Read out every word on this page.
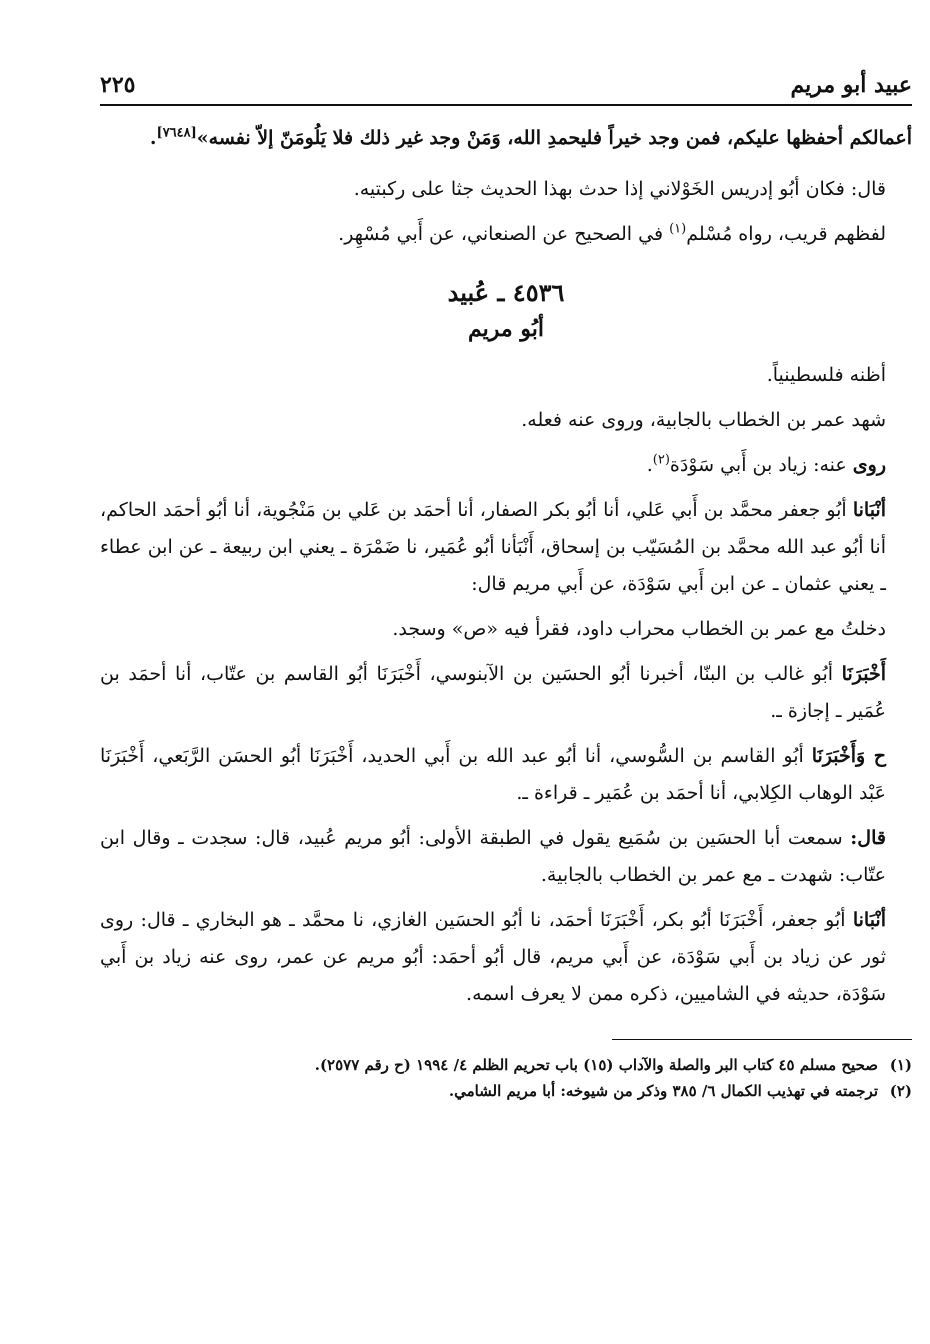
عبيد أبو مريم
٢٢٥

أعمالكم أحفظها عليكم، فمن وجد خيراً فليحمدِ الله، وَمَنْ وجد غير ذلك فلا يَلُومَنّ إلاّ نفسه»[٧٦٤٨].

قال: فكان أبُو إدريس الخَوْلاني إذا حدث بهذا الحديث جثا على ركبتيه.

لفظهم قريب، رواه مُسْلم$^{(١)}$ في الصحيح عن الصنعاني، عن أَبي مُسْهِر.

٤٥٣٦ ـ عُبيد
أبُو مريم

أظنه فلسطينياً.

شهد عمر بن الخطاب بالجابية، وروى عنه فعله.

روى عنه: زياد بن أَبي سَوْدَة$^{(٢)}$.

أنْبَانا أبُو جعفر محمَّد بن أَبي عَلي، أنا أبُو بكر الصفار، أنا أحمَد بن عَلي بن مَنْجُوية، أنا أبُو أحمَد الحاكم، أنا أبُو عبد الله محمَّد بن المُسَيّب بن إسحاق، أَنْبَأنا أبُو عُمَير، نا ضَمْرَة ـ يعني ابن ربيعة ـ عن ابن عطاء ـ يعني عثمان ـ عن ابن أَبي سَوْدَة، عن أَبي مريم قال:

دخلتُ مع عمر بن الخطاب محراب داود، فقرأ فيه «ص» وسجد.

أَخْبَرَنَا أبُو غالب بن البنّا، أخبرنا أبُو الحسَين بن الآبنوسي، أَخْبَرَنَا أبُو القاسم بن عتّاب، أنا أحمَد بن عُمَير ـ إجازة ـ.

ح وَأَخْبَرَنَا أبُو القاسم بن السُّوسي، أنا أبُو عبد الله بن أَبي الحديد، أَخْبَرَنَا أبُو الحسَن الرَّبَعي، أَخْبَرَنَا عَبْد الوهاب الكِلابي، أنا أحمَد بن عُمَير ـ قراءة ـ.

قال: سمعت أبا الحسَين بن سُمَيع يقول في الطبقة الأولى: أبُو مريم عُبيد، قال: سجدت ـ وقال ابن عتّاب: شهدت ـ مع عمر بن الخطاب بالجابية.

أنْبَانا أبُو جعفر، أَخْبَرَنَا أبُو بكر، أَخْبَرَنَا أحمَد، نا أبُو الحسَين الغازي، نا محمَّد ـ هو البخاري ـ قال: روى ثور عن زياد بن أَبي سَوْدَة، عن أَبي مريم، قال أبُو أحمَد: أبُو مريم عن عمر، روى عنه زياد بن أَبي سَوْدَة، حديثه في الشاميين، ذكره ممن لا يعرف اسمه.

(١)صحيح مسلم ٤٥ كتاب البر والصلة والآداب (١٥) باب تحريم الظلم ٤/ ١٩٩٤ (ح رقم ٢٥٧٧).
(٢)ترجمته في تهذيب الكمال ٦/ ٣٨٥ وذكر من شيوخه: أبا مريم الشامي.
